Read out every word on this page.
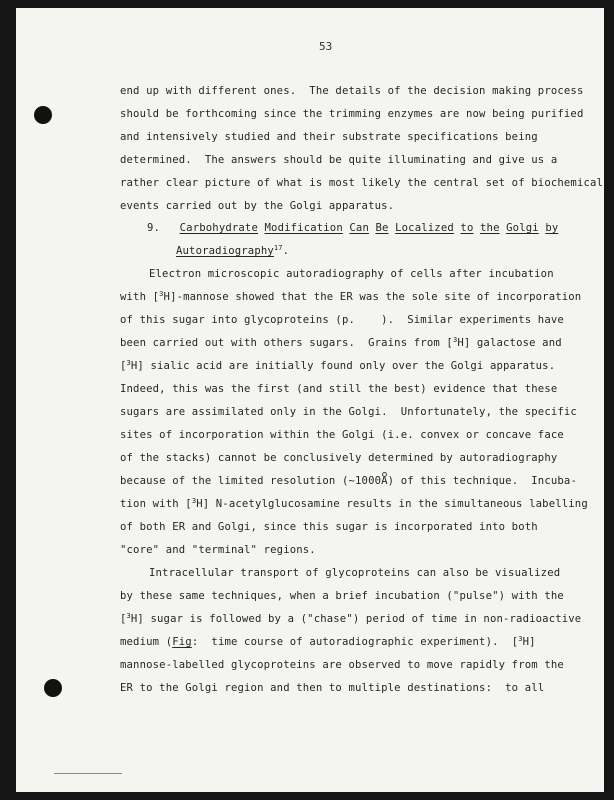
53
end up with different ones.  The details of the decision making process
should be forthcoming since the trimming enzymes are now being purified
and intensively studied and their substrate specifications being
determined.  The answers should be quite illuminating and give us a
rather clear picture of what is most likely the central set of biochemical
events carried out by the Golgi apparatus.
9. Carbohydrate Modification Can Be Localized to the Golgi by
Autoradiography$^{17}$.
Electron microscopic autoradiography of cells after incubation
with [$^3$H]-mannose showed that the ER was the sole site of incorporation
of this sugar into glycoproteins (p.    ).  Similar experiments have
been carried out with others sugars.  Grains from [$^3$H] galactose and
[$^3$H] sialic acid are initially found only over the Golgi apparatus.
Indeed, this was the first (and still the best) evidence that these
sugars are assimilated only in the Golgi.  Unfortunately, the specific
sites of incorporation within the Golgi (i.e. convex or concave face
of the stacks) cannot be conclusively determined by autoradiography
because of the limited resolution (~1000A) of this technique.  Incuba-
tion with [$^3$H] N-acetylglucosamine results in the simultaneous labelling
of both ER and Golgi, since this sugar is incorporated into both
"core" and "terminal" regions.
Intracellular transport of glycoproteins can also be visualized
by these same techniques, when a brief incubation ("pulse") with the
[$^3$H] sugar is followed by a ("chase") period of time in non-radioactive
medium (Fig:  time course of autoradiographic experiment).  [$^3$H]
mannose-labelled glycoproteins are observed to move rapidly from the
ER to the Golgi region and then to multiple destinations:  to all
